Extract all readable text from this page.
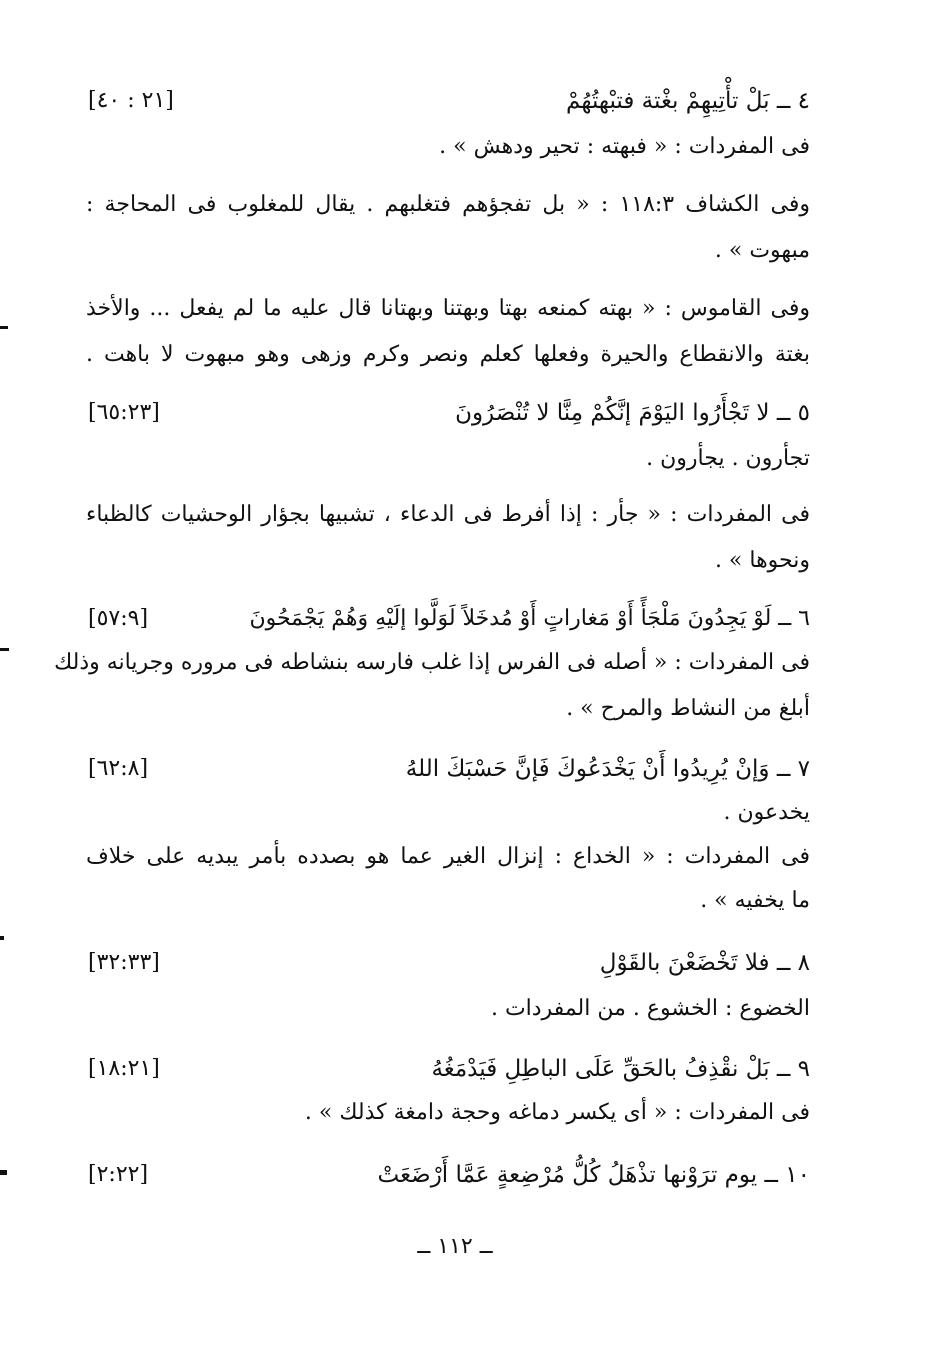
٤ ــ بَلْ تأْتِيهِمْ بغْتة فتبْهتُهُمْ
[٢١ : ٤٠]
فى المفردات : « فبهته : تحير ودهش » .
وفى الكشاف ١١٨:٣ : « بل تفجؤهم فتغلبهم . يقال للمغلوب فى المحاجة :
مبهوت » .
وفى القاموس : « بهته كمنعه بهتا وبهتنا وبهتانا قال عليه ما لم يفعل ... والأخذ
بغتة والانقطاع والحيرة وفعلها كعلم ونصر وكرم وزهى وهو مبهوت لا باهت .
٥ ــ لا تَجْأَرُوا اليَوْمَ إنَّكُمْ مِنَّا لا تُنْصَرُونَ
[٦٥:٢٣]
تجأرون . يجأرون .
فى المفردات : « جأر : إذا أفرط فى الدعاء ، تشبيها بجؤار الوحشيات كالظباء
ونحوها » .
٦ ــ لَوْ يَجِدُونَ مَلْجَأً أَوْ مَغاراتٍ أَوْ مُدخَلاً لَوَلَّوا إلَيْهِ وَهُمْ يَجْمَحُونَ
[٥٧:٩]
فى المفردات : « أصله فى الفرس إذا غلب فارسه بنشاطه فى مروره وجريانه وذلك
أبلغ من النشاط والمرح » .
٧ ــ وَإنْ يُرِيدُوا أَنْ يَخْدَعُوكَ فَإنَّ حَسْبَكَ اللهُ
[٦٢:٨]
يخدعون .
فى المفردات : « الخداع : إنزال الغير عما هو بصدده بأمر يبديه على خلاف
ما يخفيه » .
٨ ــ فلا تَخْضَعْنَ بالقَوْلِ
[٣٢:٣٣]
الخضوع : الخشوع . من المفردات .
٩ ــ بَلْ نقْذِفُ بالحَقِّ عَلَى الباطِلِ فَيَدْمَغُهُ
[١٨:٢١]
فى المفردات : « أى يكسر دماغه وحجة دامغة كذلك » .
١٠ ــ يوم ترَوْنها تذْهَلُ كُلُّ مُرْضِعةٍ عَمَّا أَرْضَعَتْ
[٢:٢٢]
ــ ١١٢ ــ
